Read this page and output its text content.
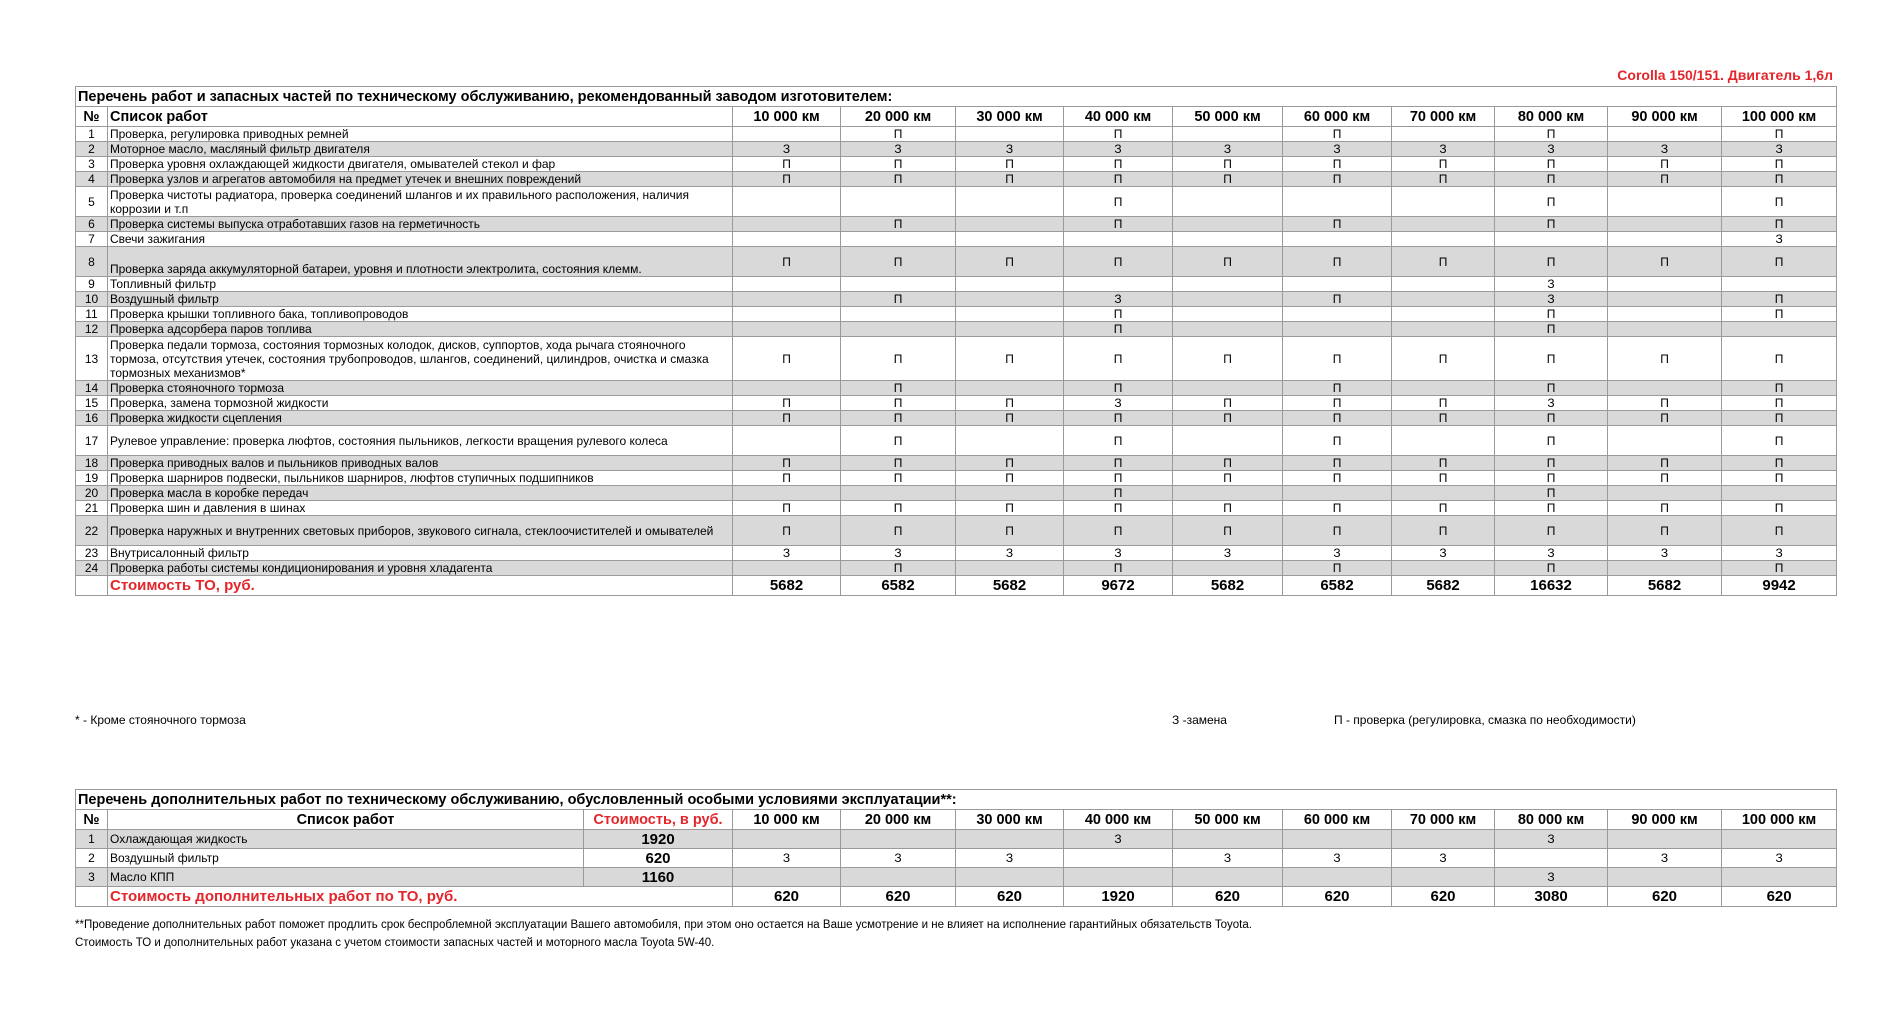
Corolla 150/151. Двигатель 1,6л
Перечень работ и запасных частей по техническому обслуживанию, рекомендованный заводом изготовителем:											
№	Список работ	10 000 км	20 000 км	30 000 км	40 000 км	50 000 км	60 000 км	70 000 км	80 000 км	90 000 км	100 000 км
1	Проверка, регулировка приводных ремней		П		П		П		П		П
2	Моторное масло, масляный фильтр двигателя	З	З	З	З	З	З	З	З	З	З
3	Проверка уровня охлаждающей жидкости двигателя, омывателей стекол и фар	П	П	П	П	П	П	П	П	П	П
4	Проверка узлов и агрегатов автомобиля на предмет утечек и внешних повреждений	П	П	П	П	П	П	П	П	П	П
5	Проверка чистоты радиатора, проверка соединений шлангов и их правильного расположения, наличия коррозии и т.п				П				П		П
6	Проверка системы выпуска отработавших газов на герметичность		П		П		П		П		П
7	Свечи зажигания										З
8	Проверка заряда аккумуляторной батареи, уровня и плотности электролита, состояния клемм.	П	П	П	П	П	П	П	П	П	П
9	Топливный фильтр								З		
10	Воздушный фильтр		П		З		П		З		П
11	Проверка крышки топливного бака, топливопроводов				П				П		П
12	Проверка адсорбера паров топлива				П				П		
13	Проверка педали тормоза, состояния тормозных колодок, дисков, суппортов, хода рычага стояночного тормоза, отсутствия утечек, состояния трубопроводов, шлангов, соединений, цилиндров, очистка и смазка тормозных механизмов*	П	П	П	П	П	П	П	П	П	П
14	Проверка стояночного тормоза		П		П		П		П		П
15	Проверка, замена тормозной жидкости	П	П	П	З	П	П	П	З	П	П
16	Проверка жидкости сцепления	П	П	П	П	П	П	П	П	П	П
17	Рулевое управление: проверка люфтов, состояния пыльников, легкости вращения рулевого колеса		П		П		П		П		П
18	Проверка приводных валов и пыльников приводных валов	П	П	П	П	П	П	П	П	П	П
19	Проверка шарниров подвески, пыльников шарниров, люфтов ступичных подшипников	П	П	П	П	П	П	П	П	П	П
20	Проверка масла в коробке передач				П				П		
21	Проверка шин и давления в шинах	П	П	П	П	П	П	П	П	П	П
22	Проверка наружных и внутренних световых приборов, звукового сигнала, стеклоочистителей и омывателей	П	П	П	П	П	П	П	П	П	П
23	Внутрисалонный фильтр	З	З	З	З	З	З	З	З	З	З
24	Проверка работы системы кондиционирования и уровня хладагента		П		П		П		П		П
	Стоимость ТО, руб.	5682	6582	5682	9672	5682	6582	5682	16632	5682	9942
* - Кроме стояночного тормоза	З -замена	П - проверка (регулировка, смазка по необходимости)
Перечень дополнительных работ по техническому обслуживанию, обусловленный особыми условиями эксплуатации**:												
№	Список работ	Стоимость, в руб.	10 000 км	20 000 км	30 000 км	40 000 км	50 000 км	60 000 км	70 000 км	80 000 км	90 000 км	100 000 км
1	Охлаждающая жидкость	1920				З				З		
2	Воздушный фильтр	620	З	З	З		З	З	З		З	З
3	Масло КПП	1160								З		
	Стоимость дополнительных работ по ТО, руб.		620	620	620	1920	620	620	620	3080	620	620
**Проведение дополнительных работ поможет продлить срок беспроблемной эксплуатации Вашего автомобиля, при этом оно остается на Ваше усмотрение и не влияет на исполнение гарантийных обязательств Toyota.
Стоимость ТО и дополнительных работ указана с учетом стоимости запасных частей и моторного масла Toyota 5W-40.
